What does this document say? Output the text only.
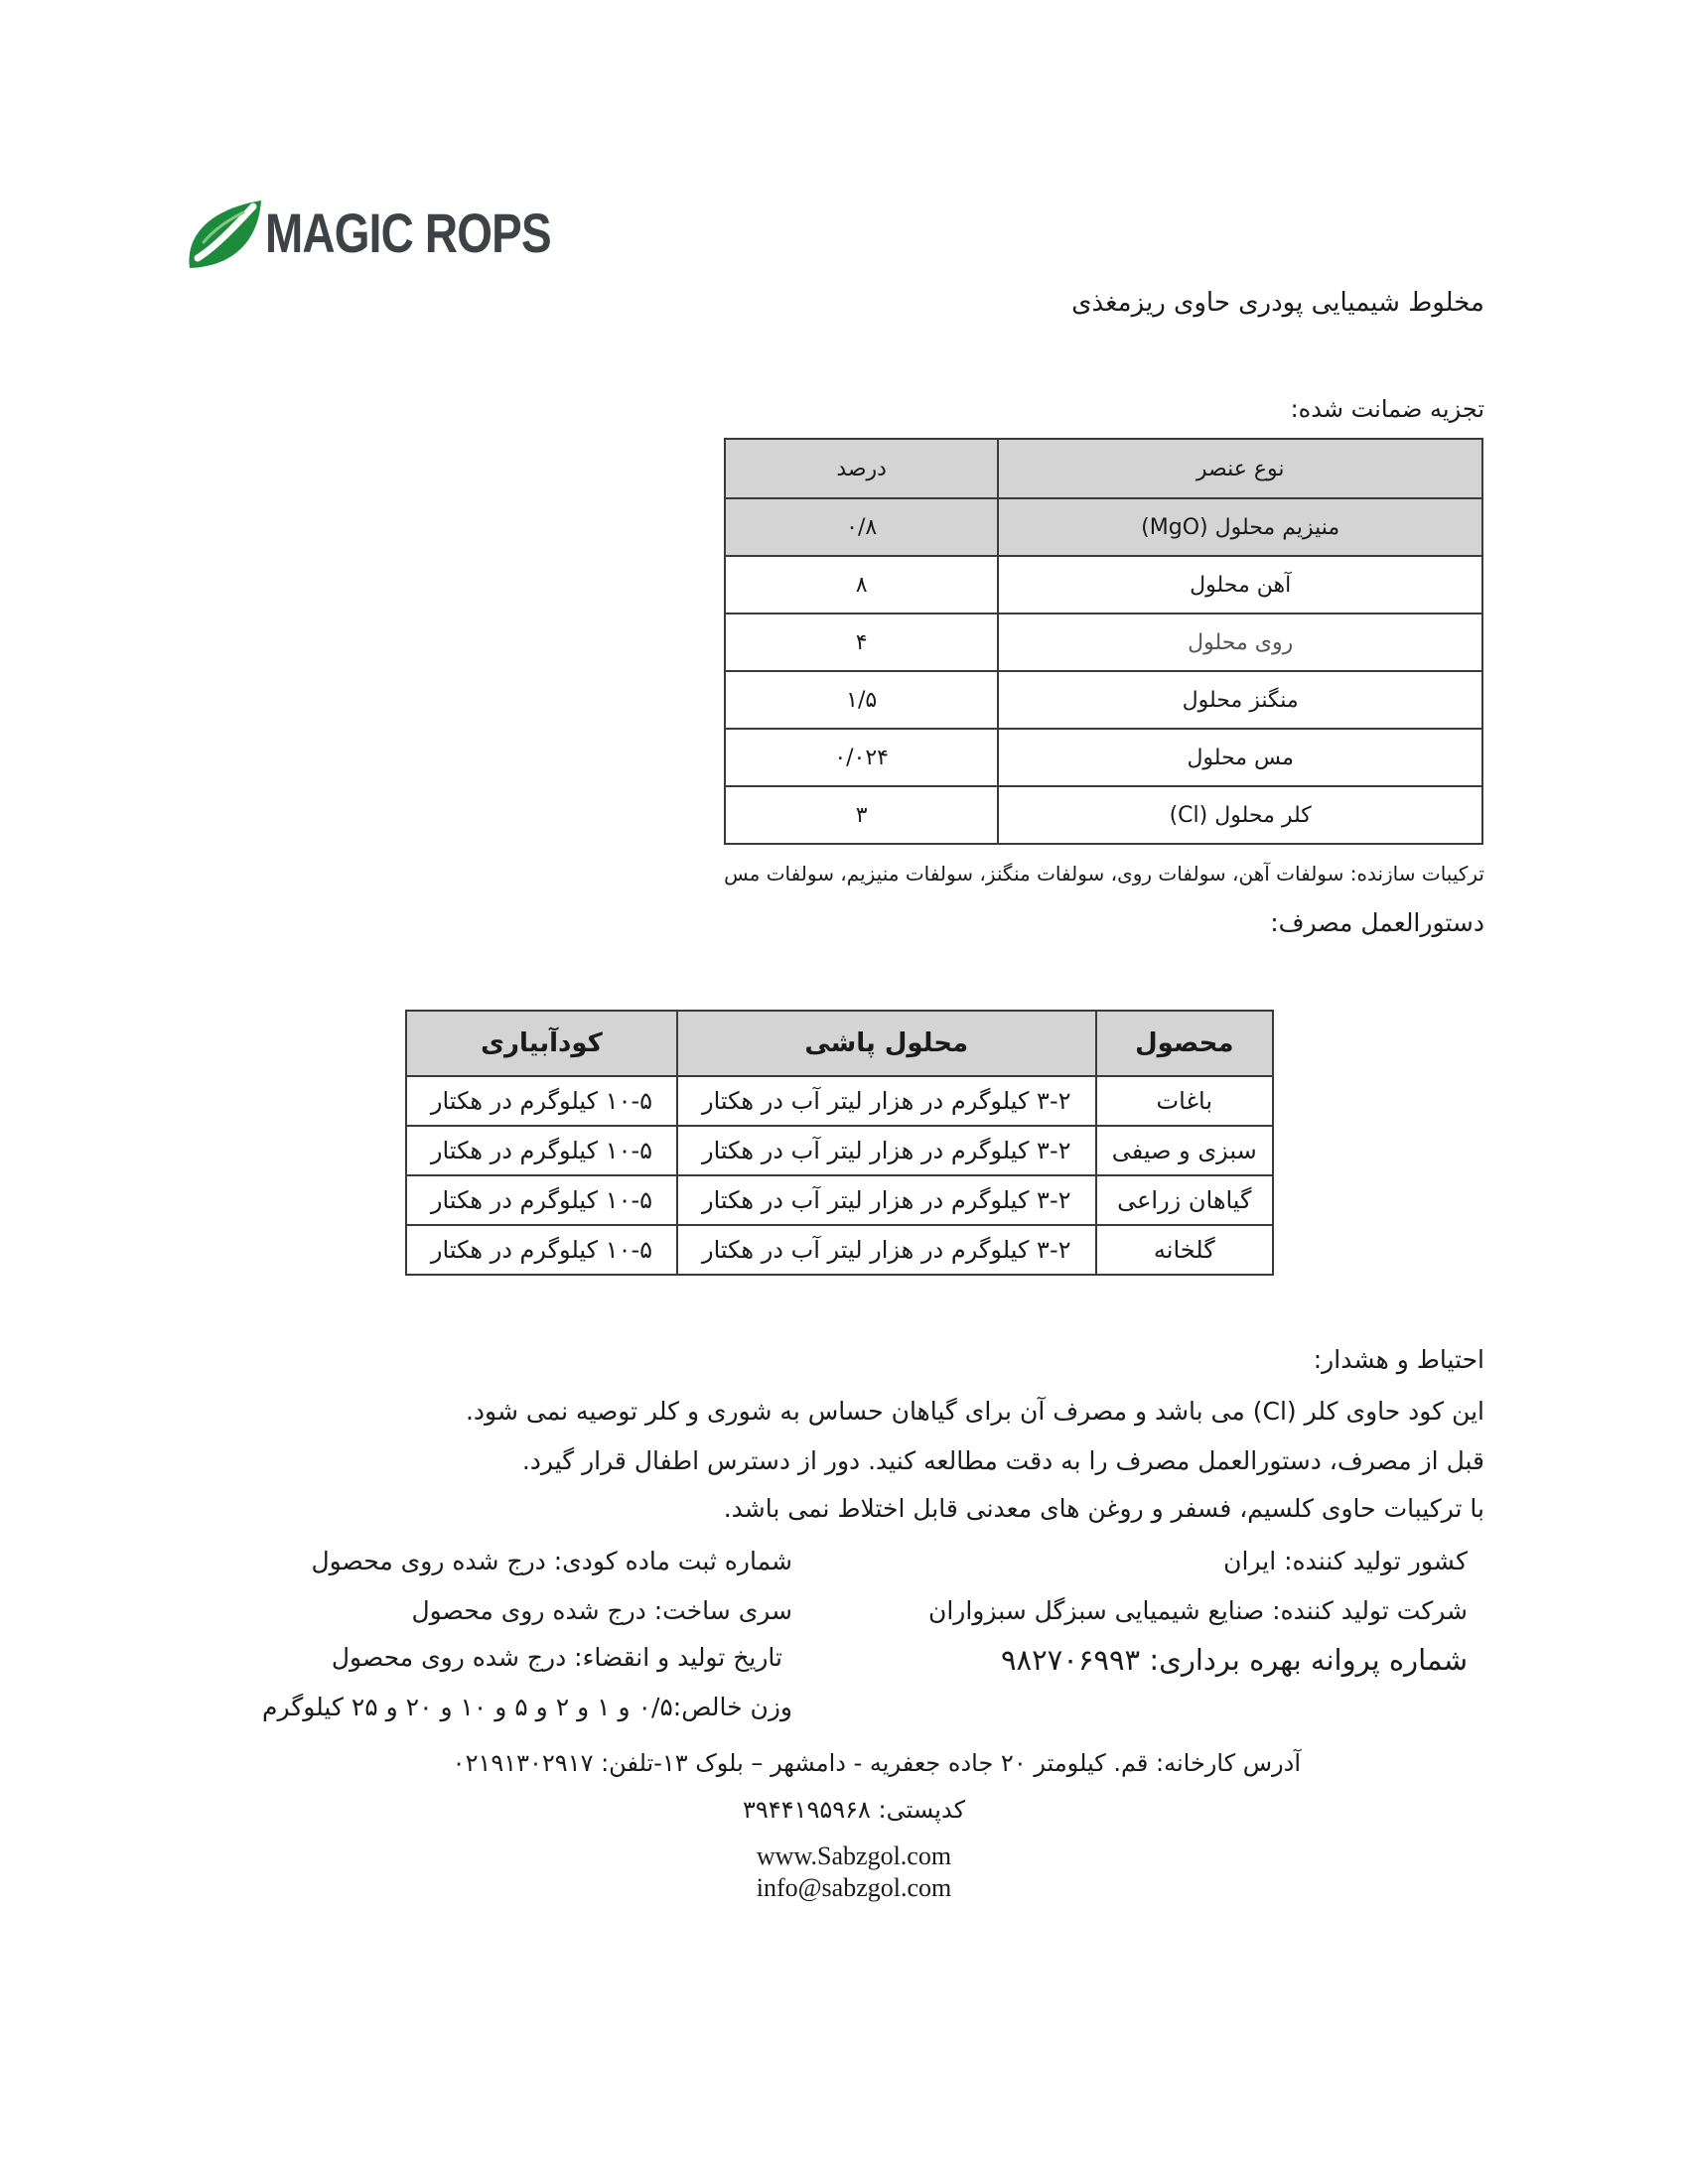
MAGIC ROPS
مخلوط شیمیایی پودری حاوی ریزمغذی
تجزیه ضمانت شده:
نوع عنصر	درصد
منیزیم محلول (MgO)	۰/۸
آهن محلول	۸
روی محلول	۴
منگنز محلول	۱/۵
مس محلول	۰/۰۲۴
کلر محلول (Cl)	۳
ترکیبات سازنده: سولفات آهن، سولفات روی، سولفات منگنز، سولفات منیزیم، سولفات مس
دستورالعمل مصرف:
محصول	محلول پاشی	کودآبیاری
باغات	۳-۲ کیلوگرم در هزار لیتر آب در هکتار	۱۰-۵ کیلوگرم در هکتار
سبزی و صیفی	۳-۲ کیلوگرم در هزار لیتر آب در هکتار	۱۰-۵ کیلوگرم در هکتار
گیاهان زراعی	۳-۲ کیلوگرم در هزار لیتر آب در هکتار	۱۰-۵ کیلوگرم در هکتار
گلخانه	۳-۲ کیلوگرم در هزار لیتر آب در هکتار	۱۰-۵ کیلوگرم در هکتار
احتیاط و هشدار:
این کود حاوی کلر (Cl) می باشد و مصرف آن برای گیاهان حساس به شوری و کلر توصیه نمی شود.
قبل از مصرف، دستورالعمل مصرف را به دقت مطالعه کنید. دور از دسترس اطفال قرار گیرد.
با ترکیبات حاوی کلسیم، فسفر و روغن های معدنی قابل اختلاط نمی باشد.
کشور تولید کننده: ایران
شرکت تولید کننده: صنایع شیمیایی سبزگل سبزواران
شماره پروانه بهره برداری: ۹۸۲۷۰۶۹۹۳
شماره ثبت ماده کودی: درج شده روی محصول
سری ساخت: درج شده روی محصول
تاریخ تولید و انقضاء: درج شده روی محصول
وزن خالص:۰/۵ و ۱ و ۲ و ۵ و ۱۰ و ۲۰ و ۲۵ کیلوگرم
آدرس کارخانه: قم. کیلومتر ۲۰ جاده جعفریه - دامشهر – بلوک ۱۳-تلفن: ۰۲۱۹۱۳۰۲۹۱۷
کدپستی: ۳۹۴۴۱۹۵۹۶۸
www.Sabzgol.com
info@sabzgol.com
